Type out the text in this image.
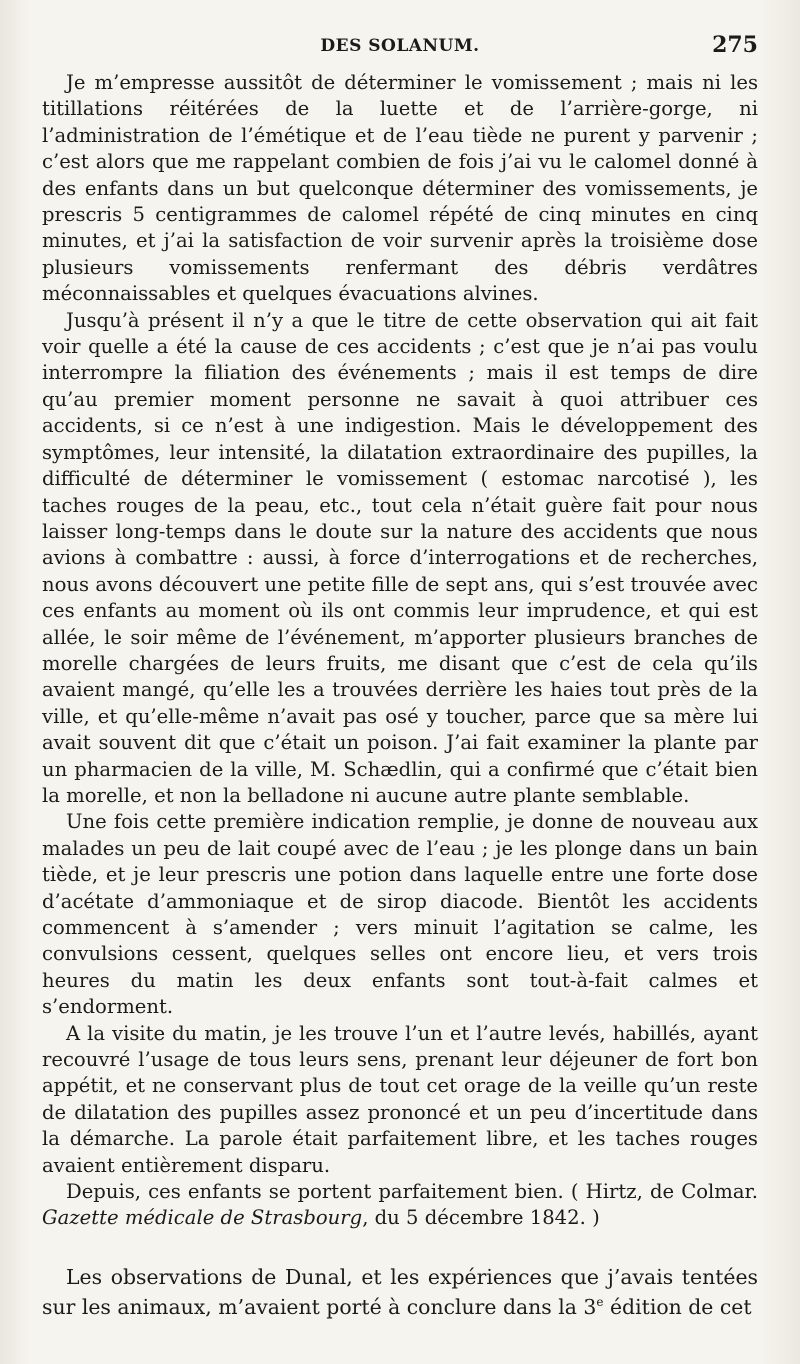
DES SOLANUM.	275

Je m’empresse aussitôt de déterminer le vomissement ; mais ni les titillations réitérées de la luette et de l’arrière-gorge, ni l’administration de l’émétique et de l’eau tiède ne purent y parvenir ; c’est alors que me rappelant combien de fois j’ai vu le calomel donné à des enfants dans un but quelconque déterminer des vomissements, je prescris 5 centigrammes de calomel répété de cinq minutes en cinq minutes, et j’ai la satisfaction de voir survenir après la troisième dose plusieurs vomissements renfermant des débris verdâtres méconnaissables et quelques évacuations alvines.

Jusqu’à présent il n’y a que le titre de cette observation qui ait fait voir quelle a été la cause de ces accidents ; c’est que je n’ai pas voulu interrompre la filiation des événements ; mais il est temps de dire qu’au premier moment personne ne savait à quoi attribuer ces accidents, si ce n’est à une indigestion. Mais le développement des symptômes, leur intensité, la dilatation extraordinaire des pupilles, la difficulté de déterminer le vomissement ( estomac narcotisé ), les taches rouges de la peau, etc., tout cela n’était guère fait pour nous laisser long-temps dans le doute sur la nature des accidents que nous avions à combattre : aussi, à force d’interrogations et de recherches, nous avons découvert une petite fille de sept ans, qui s’est trouvée avec ces enfants au moment où ils ont commis leur imprudence, et qui est allée, le soir même de l’événement, m’apporter plusieurs branches de morelle chargées de leurs fruits, me disant que c’est de cela qu’ils avaient mangé, qu’elle les a trouvées derrière les haies tout près de la ville, et qu’elle-même n’avait pas osé y toucher, parce que sa mère lui avait souvent dit que c’était un poison. J’ai fait examiner la plante par un pharmacien de la ville, M. Schædlin, qui a confirmé que c’était bien la morelle, et non la belladone ni aucune autre plante semblable.

Une fois cette première indication remplie, je donne de nouveau aux malades un peu de lait coupé avec de l’eau ; je les plonge dans un bain tiède, et je leur prescris une potion dans laquelle entre une forte dose d’acétate d’ammoniaque et de sirop diacode. Bientôt les accidents commencent à s’amender ; vers minuit l’agitation se calme, les convulsions cessent, quelques selles ont encore lieu, et vers trois heures du matin les deux enfants sont tout-à-fait calmes et s’endorment.

A la visite du matin, je les trouve l’un et l’autre levés, habillés, ayant recouvré l’usage de tous leurs sens, prenant leur déjeuner de fort bon appétit, et ne conservant plus de tout cet orage de la veille qu’un reste de dilatation des pupilles assez prononcé et un peu d’incertitude dans la démarche. La parole était parfaitement libre, et les taches rouges avaient entièrement disparu.

Depuis, ces enfants se portent parfaitement bien. ( Hirtz, de Colmar. Gazette médicale de Strasbourg, du 5 décembre 1842. )

Les observations de Dunal, et les expériences que j’avais tentées sur les animaux, m’avaient porté à conclure dans la 3e édition de cet
